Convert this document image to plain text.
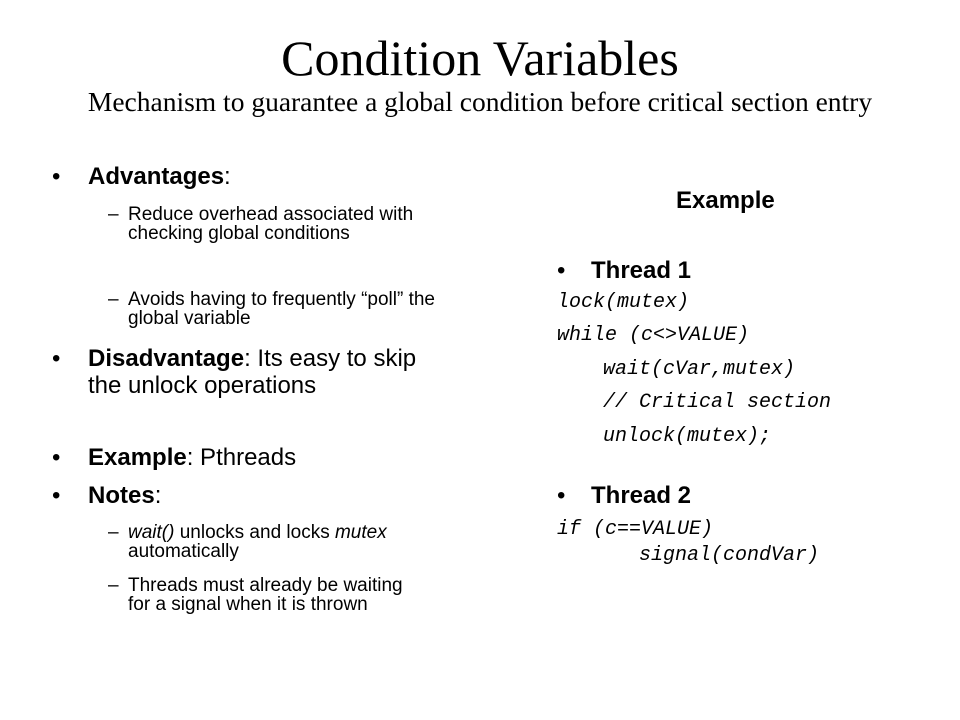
Condition Variables
Mechanism to guarantee a global condition before critical section entry
• Advantages:
– Reduce overhead associated with checking global conditions
– Avoids having to frequently “poll” the global variable
• Disadvantage: Its easy to skip the unlock operations
• Example: Pthreads
• Notes:
– wait() unlocks and locks mutex automatically
– Threads must already be waiting for a signal when it is thrown
Example
• Thread 1
lock(mutex)
while (c<>VALUE)
wait(cVar,mutex)
// Critical section
unlock(mutex);
• Thread 2
if (c==VALUE)
signal(condVar)
